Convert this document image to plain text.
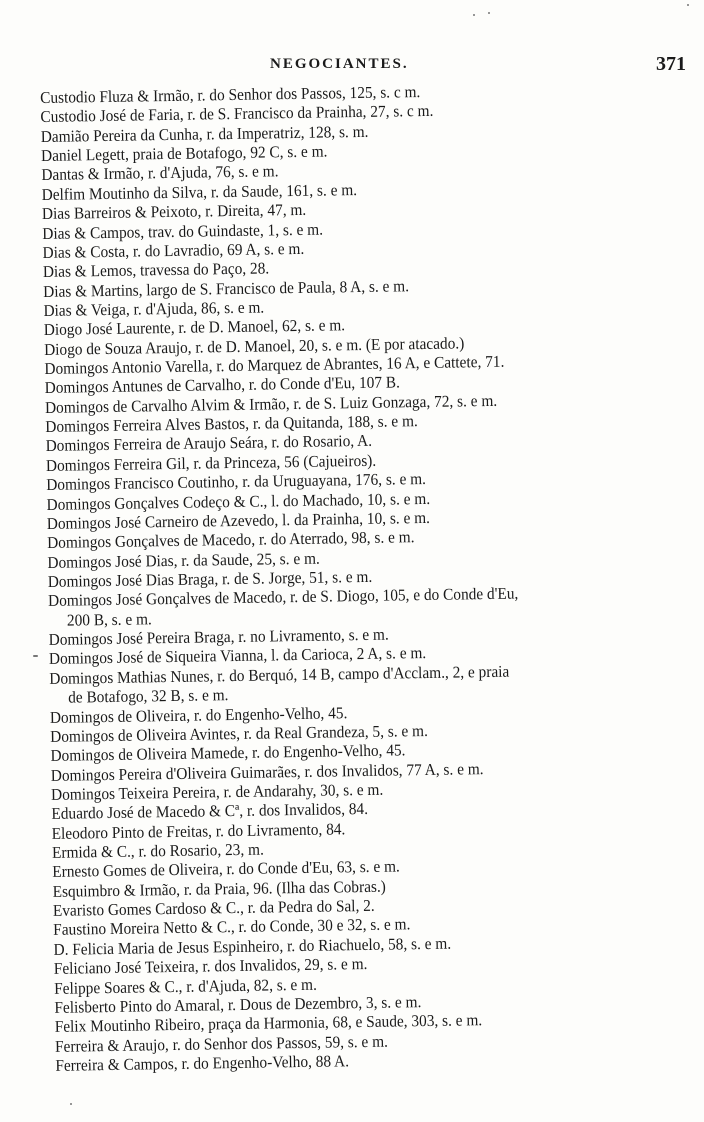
NEGOCIANTES.	371
Custodio Fluza & Irmão, r. do Senhor dos Passos, 125, s. c m.
Custodio José de Faria, r. de S. Francisco da Prainha, 27, s. c m.
Damião Pereira da Cunha, r. da Imperatriz, 128, s. m.
Daniel Legett, praia de Botafogo, 92 C, s. e m.
Dantas & Irmão, r. d'Ajuda, 76, s. e m.
Delfim Moutinho da Silva, r. da Saude, 161, s. e m.
Dias Barreiros & Peixoto, r. Direita, 47, m.
Dias & Campos, trav. do Guindaste, 1, s. e m.
Dias & Costa, r. do Lavradio, 69 A, s. e m.
Dias & Lemos, travessa do Paço, 28.
Dias & Martins, largo de S. Francisco de Paula, 8 A, s. e m.
Dias & Veiga, r. d'Ajuda, 86, s. e m.
Diogo José Laurente, r. de D. Manoel, 62, s. e m.
Diogo de Souza Araujo, r. de D. Manoel, 20, s. e m. (E por atacado.)
Domingos Antonio Varella, r. do Marquez de Abrantes, 16 A, e Cattete, 71.
Domingos Antunes de Carvalho, r. do Conde d'Eu, 107 B.
Domingos de Carvalho Alvim & Irmão, r. de S. Luiz Gonzaga, 72, s. e m.
Domingos Ferreira Alves Bastos, r. da Quitanda, 188, s. e m.
Domingos Ferreira de Araujo Seára, r. do Rosario, A.
Domingos Ferreira Gil, r. da Princeza, 56 (Cajueiros).
Domingos Francisco Coutinho, r. da Uruguayana, 176, s. e m.
Domingos Gonçalves Codeço & C., l. do Machado, 10, s. e m.
Domingos José Carneiro de Azevedo, l. da Prainha, 10, s. e m.
Domingos Gonçalves de Macedo, r. do Aterrado, 98, s. e m.
Domingos José Dias, r. da Saude, 25, s. e m.
Domingos José Dias Braga, r. de S. Jorge, 51, s. e m.
Domingos José Gonçalves de Macedo, r. de S. Diogo, 105, e do Conde d'Eu,
200 B, s. e m.
Domingos José Pereira Braga, r. no Livramento, s. e m.
Domingos José de Siqueira Vianna, l. da Carioca, 2 A, s. e m.
Domingos Mathias Nunes, r. do Berquó, 14 B, campo d'Acclam., 2, e praia
de Botafogo, 32 B, s. e m.
Domingos de Oliveira, r. do Engenho-Velho, 45.
Domingos de Oliveira Avintes, r. da Real Grandeza, 5, s. e m.
Domingos de Oliveira Mamede, r. do Engenho-Velho, 45.
Domingos Pereira d'Oliveira Guimarães, r. dos Invalidos, 77 A, s. e m.
Domingos Teixeira Pereira, r. de Andarahy, 30, s. e m.
Eduardo José de Macedo & Cª, r. dos Invalidos, 84.
Eleodoro Pinto de Freitas, r. do Livramento, 84.
Ermida & C., r. do Rosario, 23, m.
Ernesto Gomes de Oliveira, r. do Conde d'Eu, 63, s. e m.
Esquimbro & Irmão, r. da Praia, 96. (Ilha das Cobras.)
Evaristo Gomes Cardoso & C., r. da Pedra do Sal, 2.
Faustino Moreira Netto & C., r. do Conde, 30 e 32, s. e m.
D. Felicia Maria de Jesus Espinheiro, r. do Riachuelo, 58, s. e m.
Feliciano José Teixeira, r. dos Invalidos, 29, s. e m.
Felippe Soares & C., r. d'Ajuda, 82, s. e m.
Felisberto Pinto do Amaral, r. Dous de Dezembro, 3, s. e m.
Felix Moutinho Ribeiro, praça da Harmonia, 68, e Saude, 303, s. e m.
Ferreira & Araujo, r. do Senhor dos Passos, 59, s. e m.
Ferreira & Campos, r. do Engenho-Velho, 88 A.
